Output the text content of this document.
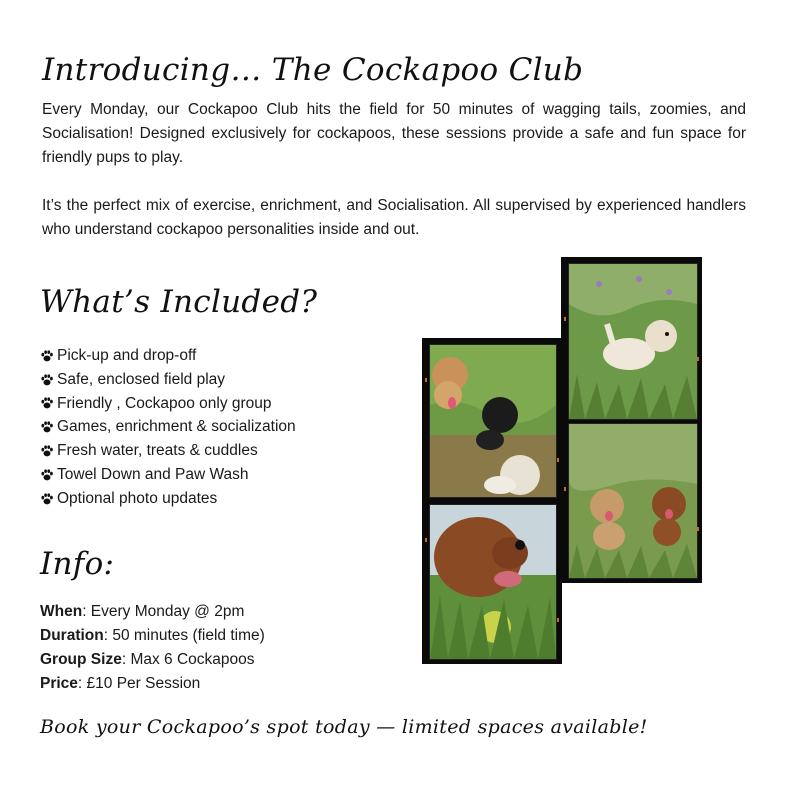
Introducing… The Cockapoo Club

Every Monday, our Cockapoo Club hits the field for 50 minutes of wagging tails, zoomies, and Socialisation! Designed exclusively for cockapoos, these sessions provide a safe and fun space for friendly pups to play.

It’s the perfect mix of exercise, enrichment, and Socialisation. All supervised by experienced handlers who understand cockapoo personalities inside and out.

What’s Included?
Pick-up and drop-off
Safe, enclosed field play
Friendly , Cockapoo only group
Games, enrichment & socialization
Fresh water, treats & cuddles
Towel Down and Paw Wash
Optional photo updates
Info:
When: Every Monday @ 2pm
Duration: 50 minutes (field time)
Group Size: Max 6 Cockapoos
Price: £10 Per Session
Book your Cockapoo’s spot today — limited spaces available!
